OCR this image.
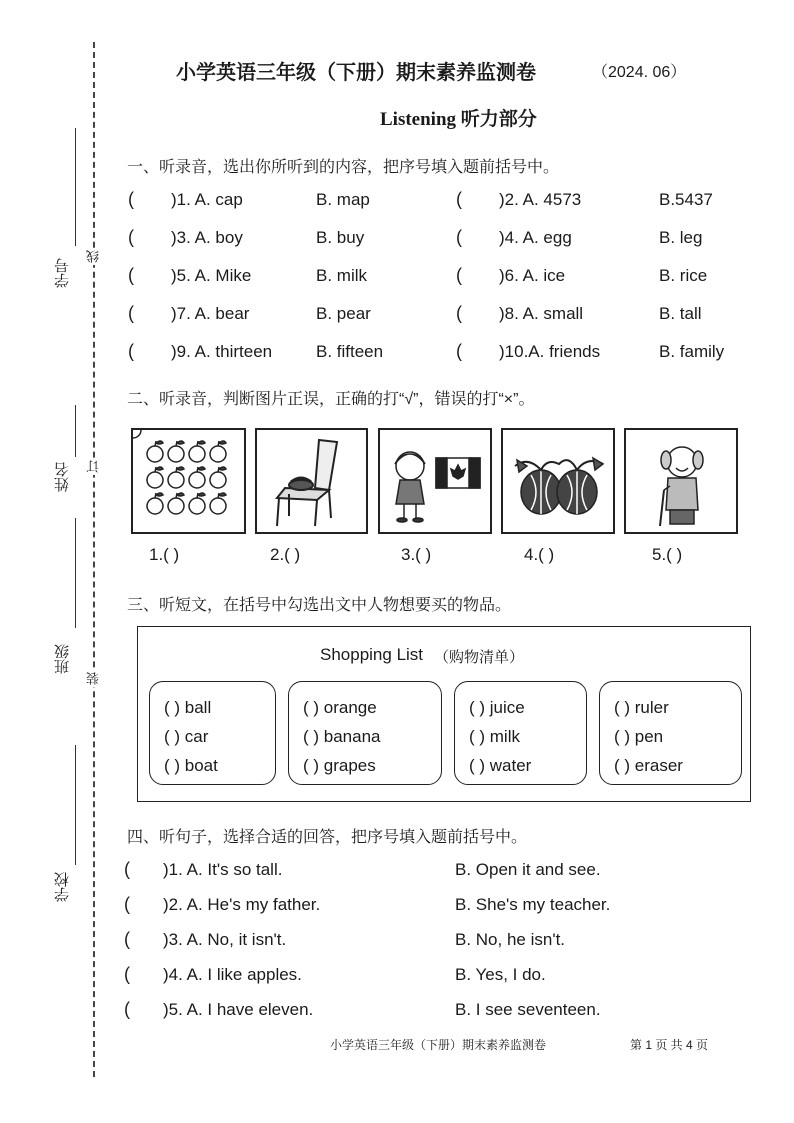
学号
姓名
班级
学校
线
订
装
小学英语三年级（下册）期末素养监测卷	（2024. 06）
Listening 听力部分
一、听录音，选出你所听到的内容，把序号填入题前括号中。
( )1. A. cap	B. map	( )2. A. 4573	B.5437
( )3. A. boy	B. buy	( )4. A. egg	B. leg
( )5. A. Mike	B. milk	( )6. A. ice	B. rice
( )7. A. bear	B. pear	( )8. A. small	B. tall
( )9. A. thirteen	B. fifteen	( )10.A. friends	B. family
二、听录音，判断图片正误，正确的打“√”，错误的打“×”。
1.( )	2.( )	3.( )	4.( )	5.( )
三、听短文，在括号中勾选出文中人物想要买的物品。
Shopping List （购物清单）
( ) ball
( ) car
( ) boat
( ) orange
( ) banana
( ) grapes
( ) juice
( ) milk
( ) water
( ) ruler
( ) pen
( ) eraser
四、听句子，选择合适的回答，把序号填入题前括号中。
( )1. A. It's so tall.	B. Open it and see.
( )2. A. He's my father.	B. She's my teacher.
( )3. A. No, it isn't.	B. No, he isn't.
( )4. A. I like apples.	B. Yes, I do.
( )5. A. I have eleven.	B. I see seventeen.
小学英语三年级（下册）期末素养监测卷	第 1 页 共 4 页
